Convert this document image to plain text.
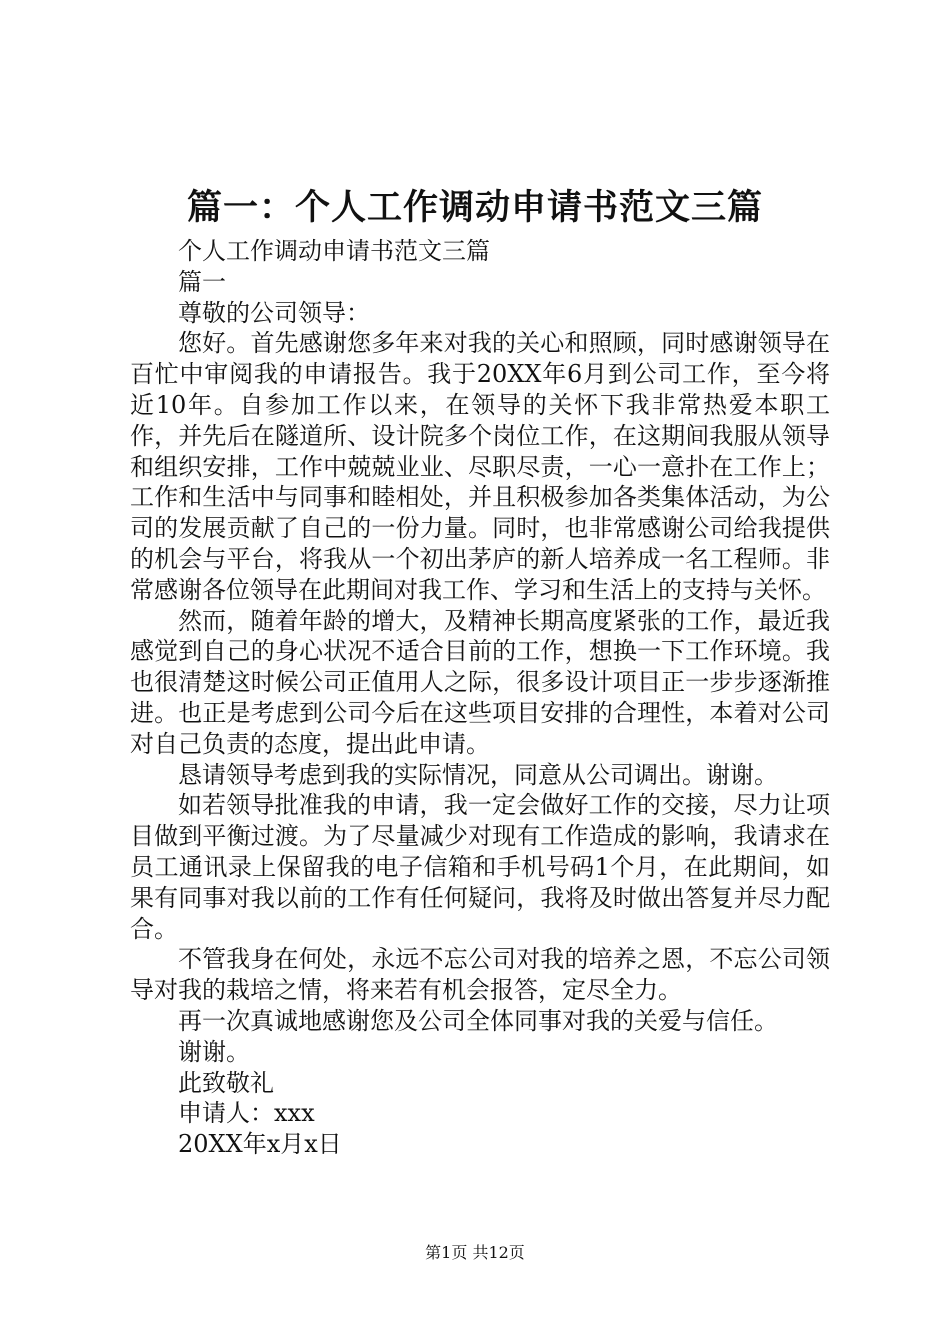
篇一：个人工作调动申请书范文三篇

个人工作调动申请书范文三篇

篇一

尊敬的公司领导：

您好。首先感谢您多年来对我的关心和照顾，同时感谢领导在百忙中审阅我的申请报告。我于20XX年6月到公司工作，至今将近10年。自参加工作以来，在领导的关怀下我非常热爱本职工作，并先后在隧道所、设计院多个岗位工作，在这期间我服从领导和组织安排，工作中兢兢业业、尽职尽责，一心一意扑在工作上；工作和生活中与同事和睦相处，并且积极参加各类集体活动，为公司的发展贡献了自己的一份力量。同时，也非常感谢公司给我提供的机会与平台，将我从一个初出茅庐的新人培养成一名工程师。非常感谢各位领导在此期间对我工作、学习和生活上的支持与关怀。

然而，随着年龄的增大，及精神长期高度紧张的工作，最近我感觉到自己的身心状况不适合目前的工作，想换一下工作环境。我也很清楚这时候公司正值用人之际，很多设计项目正一步步逐渐推进。也正是考虑到公司今后在这些项目安排的合理性，本着对公司对自己负责的态度，提出此申请。

恳请领导考虑到我的实际情况，同意从公司调出。谢谢。

如若领导批准我的申请，我一定会做好工作的交接，尽力让项目做到平衡过渡。为了尽量减少对现有工作造成的影响，我请求在员工通讯录上保留我的电子信箱和手机号码1个月，在此期间，如果有同事对我以前的工作有任何疑问，我将及时做出答复并尽力配合。

不管我身在何处，永远不忘公司对我的培养之恩，不忘公司领导对我的栽培之情，将来若有机会报答，定尽全力。

再一次真诚地感谢您及公司全体同事对我的关爱与信任。

谢谢。

此致敬礼

申请人：xxx

20XX年x月x日

第1页 共12页
